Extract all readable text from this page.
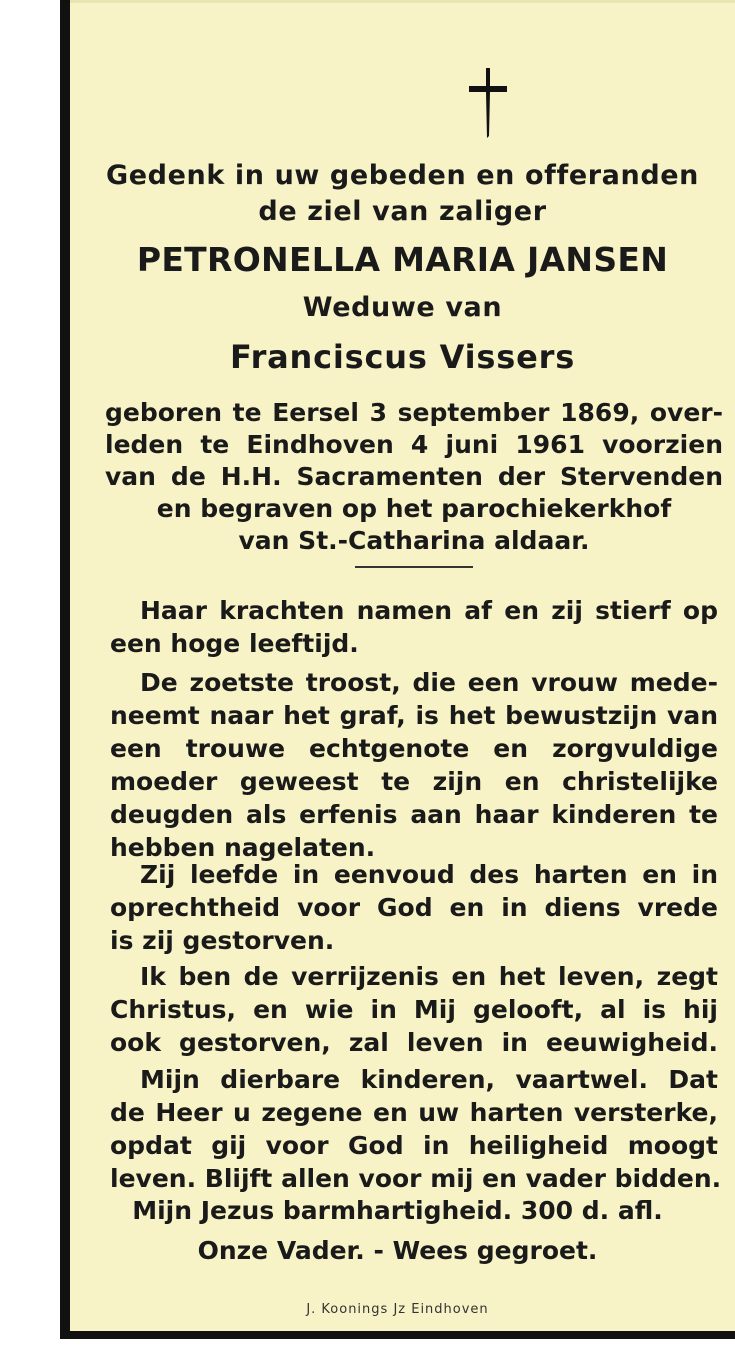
Gedenk in uw gebeden en offeranden
de ziel van zaliger
PETRONELLA MARIA JANSEN
Weduwe van
Franciscus Vissers
geboren te Eersel 3 september 1869, over-
leden te Eindhoven 4 juni 1961 voorzien
van de H.H. Sacramenten der Stervenden
en begraven op het parochiekerkhof
van St.-Catharina aldaar.
Haar krachten namen af en zij stierf op
een hoge leeftijd.
De zoetste troost, die een vrouw mede-
neemt naar het graf, is het bewustzijn van
een trouwe echtgenote en zorgvuldige
moeder geweest te zijn en christelijke
deugden als erfenis aan haar kinderen te
hebben nagelaten.
Zij leefde in eenvoud des harten en in
oprechtheid voor God en in diens vrede
is zij gestorven.
Ik ben de verrijzenis en het leven, zegt
Christus, en wie in Mij gelooft, al is hij
ook gestorven, zal leven in eeuwigheid.
Mijn dierbare kinderen, vaartwel. Dat
de Heer u zegene en uw harten versterke,
opdat gij voor God in heiligheid moogt
leven. Blijft allen voor mij en vader bidden.
Mijn Jezus barmhartigheid. 300 d. afl.
Onze Vader. - Wees gegroet.
J. Koonings Jz Eindhoven
